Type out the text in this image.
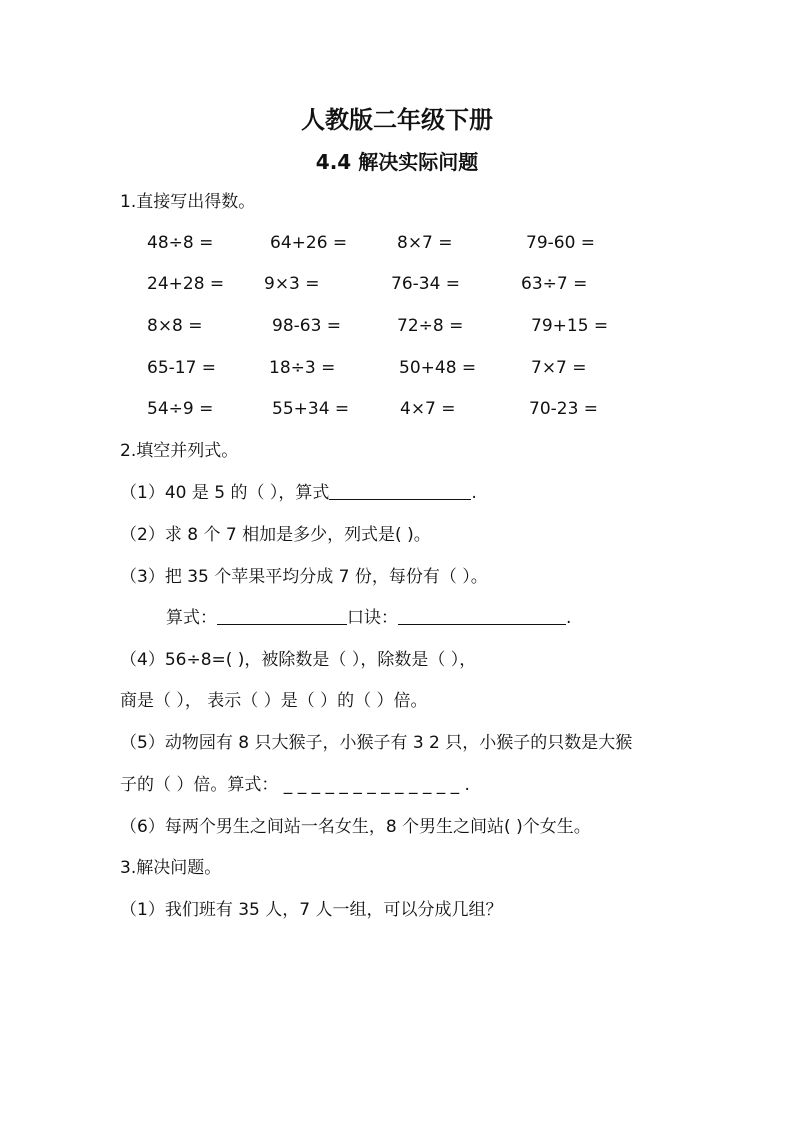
人教版二年级下册
4.4 解决实际问题
1.直接写出得数。
48÷8 =	64+26 =	8×7 =	79-60 =
24+28 = 9×3 =	76-34 =	63÷7 =
8×8 =	98-63 =	72÷8 =	79+15 =
65-17 =	18÷3 =	50+48 =	7×7 =
54÷9 =	55+34 =	4×7 =	70-23 =
2.填空并列式。
（1）40 是 5 的（ ），算式	.
（2）求 8 个 7 相加是多少，列式是( )。
（3）把 35 个苹果平均分成 7 份，每份有（ ）。
算式：	口诀：	.
（4）56÷8=( )，被除数是（ ），除数是（ ），
商是（ ）， 表示（ ）是（ ）的（ ）倍。
（5）动物园有 8 只大猴子，小猴子有 3 2 只，小猴子的只数是大猴
子的（ ）倍。算式： _ _ _ _ _ _ _ _ _ _ _ _ _ .
（6）每两个男生之间站一名女生，8 个男生之间站( )个女生。
3.解决问题。
（1）我们班有 35 人，7 人一组，可以分成几组？
